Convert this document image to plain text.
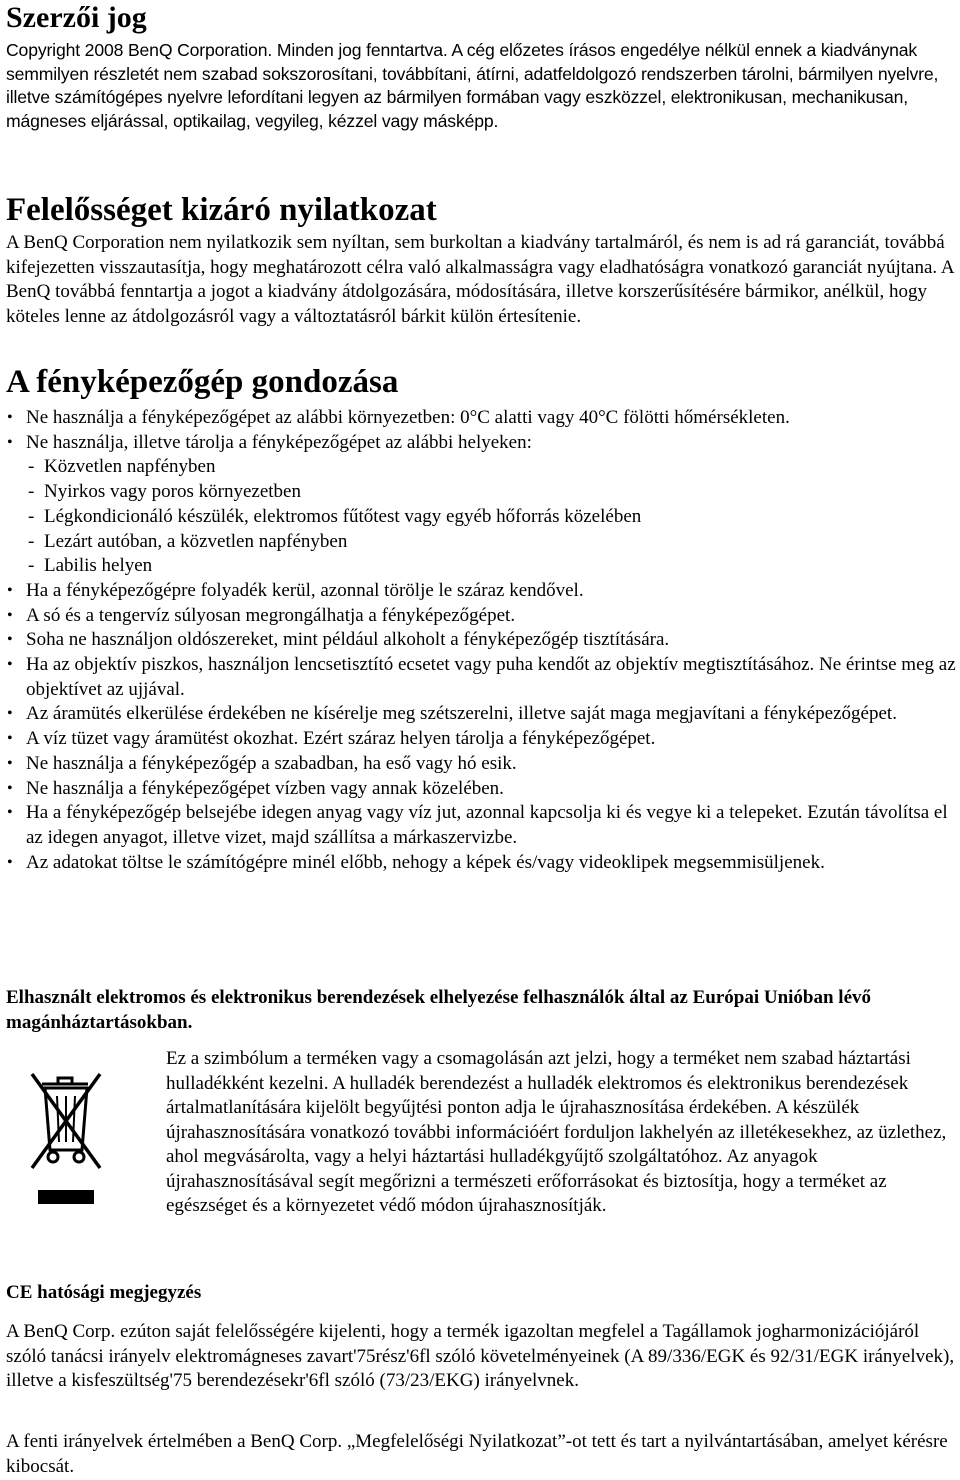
Szerzői jog

Copyright 2008 BenQ Corporation. Minden jog fenntartva. A cég előzetes írásos engedélye nélkül ennek a kiadványnak semmilyen részletét nem szabad sokszorosítani, továbbítani, átírni, adatfeldolgozó rendszerben tárolni, bármilyen nyelvre, illetve számítógépes nyelvre lefordítani legyen az bármilyen formában vagy eszközzel, elektronikusan, mechanikusan, mágneses eljárással, optikailag, vegyileg, kézzel vagy másképp.

Felelősséget kizáró nyilatkozat

A BenQ Corporation nem nyilatkozik sem nyíltan, sem burkoltan a kiadvány tartalmáról, és nem is ad rá garanciát, továbbá kifejezetten visszautasítja, hogy meghatározott célra való alkalmasságra vagy eladhatóságra vonatkozó garanciát nyújtana. A BenQ továbbá fenntartja a jogot a kiadvány átdolgozására, módosítására, illetve korszerűsítésére bármikor, anélkül, hogy köteles lenne az átdolgozásról vagy a változtatásról bárkit külön értesítenie.

A fényképezőgép gondozása
• Ne használja a fényképezőgépet az alábbi környezetben: 0°C alatti vagy 40°C fölötti hőmérsékleten.
• Ne használja, illetve tárolja a fényképezőgépet az alábbi helyeken:
- Közvetlen napfényben
- Nyirkos vagy poros környezetben
- Légkondicionáló készülék, elektromos fűtőtest vagy egyéb hőforrás közelében
- Lezárt autóban, a közvetlen napfényben
- Labilis helyen
• Ha a fényképezőgépre folyadék kerül, azonnal törölje le száraz kendővel.
• A só és a tengervíz súlyosan megrongálhatja a fényképezőgépet.
• Soha ne használjon oldószereket, mint például alkoholt a fényképezőgép tisztítására.
• Ha az objektív piszkos, használjon lencsetisztító ecsetet vagy puha kendőt az objektív megtisztításához. Ne érintse meg az objektívet az ujjával.
• Az áramütés elkerülése érdekében ne kísérelje meg szétszerelni, illetve saját maga megjavítani a fényképezőgépet.
• A víz tüzet vagy áramütést okozhat. Ezért száraz helyen tárolja a fényképezőgépet.
• Ne használja a fényképezőgép a szabadban, ha eső vagy hó esik.
• Ne használja a fényképezőgépet vízben vagy annak közelében.
• Ha a fényképezőgép belsejébe idegen anyag vagy víz jut, azonnal kapcsolja ki és vegye ki a telepeket. Ezután távolítsa el az idegen anyagot, illetve vizet, majd szállítsa a márkaszervizbe.
• Az adatokat töltse le számítógépre minél előbb, nehogy a képek és/vagy videoklipek megsemmisüljenek.
Elhasznált elektromos és elektronikus berendezések elhelyezése felhasználók által az Európai Unióban lévő magánháztartásokban.

Ez a szimbólum a terméken vagy a csomagolásán azt jelzi, hogy a terméket nem szabad háztartási hulladékként kezelni. A hulladék berendezést a hulladék elektromos és elektronikus berendezések ártalmatlanítására kijelölt begyűjtési ponton adja le újrahasznosítása érdekében. A készülék újrahasznosítására vonatkozó további információért forduljon lakhelyén az illetékesekhez, az üzlethez, ahol megvásárolta, vagy a helyi háztartási hulladékgyűjtő szolgáltatóhoz. Az anyagok újrahasznosításával segít megőrizni a természeti erőforrásokat és biztosítja, hogy a terméket az egészséget és a környezetet védő módon újrahasznosítják.

CE hatósági megjegyzés

A BenQ Corp. ezúton saját felelősségére kijelenti, hogy a termék igazoltan megfelel a Tagállamok jogharmonizációjáról szóló tanácsi irányelv elektromágneses zavart'75rész'6fl szóló követelményeinek (A 89/336/EGK és 92/31/EGK irányelvek), illetve a kisfeszültség'75 berendezésekr'6fl szóló (73/23/EKG) irányelvnek.

A fenti irányelvek értelmében a BenQ Corp. „Megfelelőségi Nyilatkozat”-ot tett és tart a nyilvántartásában, amelyet kérésre kibocsát.
